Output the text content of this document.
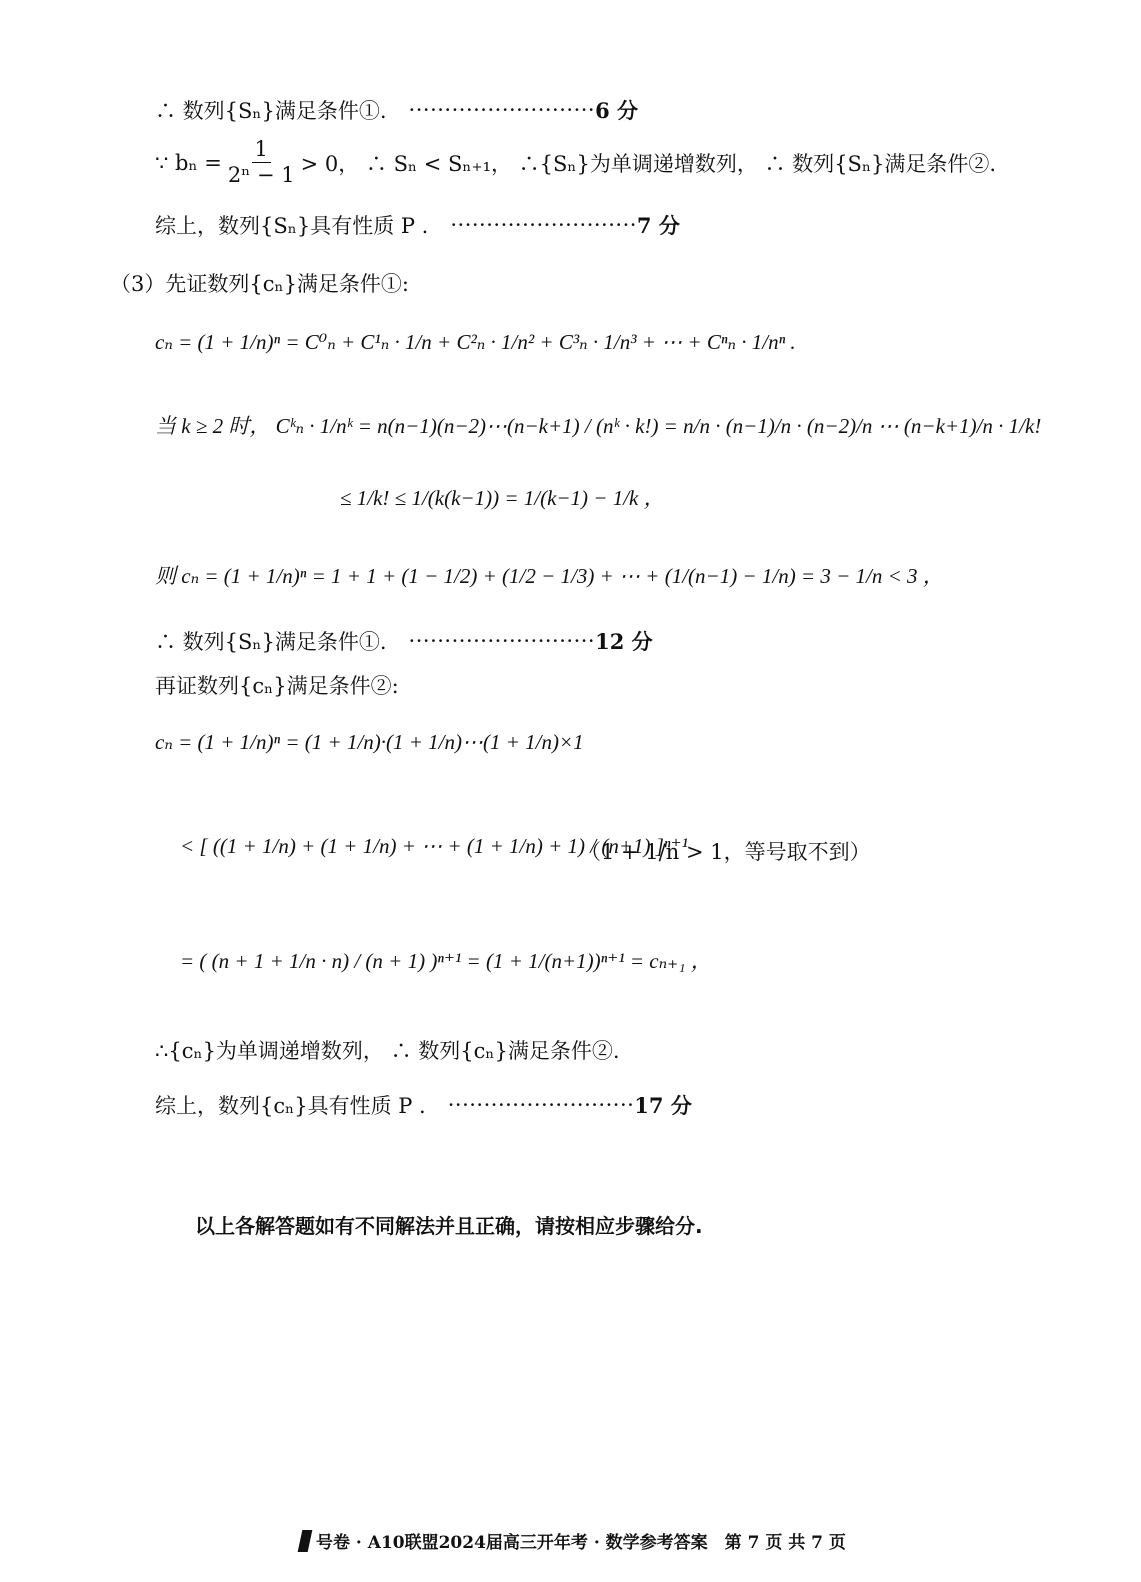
∴ 数列{Sₙ}满足条件①. ·························· 6 分
∵ $b_n = \frac{1}{\text{2ⁿ − 1}} > 0$， ∴ Sₙ < Sₙ₊₁， ∴{Sₙ}为单调递增数列， ∴ 数列{Sₙ}满足条件②.
综上，数列{Sₙ}具有性质 P . ·························· 7 分
（3）先证数列{cₙ}满足条件①:
cₙ = (1 + 1/n)ⁿ = C⁰ₙ + C¹ₙ · 1/n + C²ₙ · 1/n² + C³ₙ · 1/n³ + ⋯ + Cⁿₙ · 1/nⁿ .
当 k ≥ 2 时， Cᵏₙ · 1/nᵏ = n(n−1)(n−2)⋯(n−k+1) / (nᵏ · k!) = n/n · (n−1)/n · (n−2)/n ⋯ (n−k+1)/n · 1/k!
≤ 1/k! ≤ 1/(k(k−1)) = 1/(k−1) − 1/k ，
则 cₙ = (1 + 1/n)ⁿ = 1 + 1 + (1 − 1/2) + (1/2 − 1/3) + ⋯ + (1/(n−1) − 1/n) = 3 − 1/n < 3 ，
∴ 数列{Sₙ}满足条件①. ·························· 12 分
再证数列{cₙ}满足条件②:
cₙ = (1 + 1/n)ⁿ = (1 + 1/n)·(1 + 1/n)⋯(1 + 1/n)×1
< [ ((1 + 1/n) + (1 + 1/n) + ⋯ + (1 + 1/n) + 1) / (n+1) ]ⁿ⁺¹
（1 + 1/n > 1，等号取不到）
= ( (n + 1 + 1/n · n) / (n + 1) )ⁿ⁺¹ = (1 + 1/(n+1))ⁿ⁺¹ = cₙ₊₁ ，
∴{cₙ}为单调递增数列， ∴ 数列{cₙ}满足条件②.
综上，数列{cₙ}具有性质 P . ·························· 17 分
以上各解答题如有不同解法并且正确，请按相应步骤给分.
号卷 · A10联盟2024届高三开年考 · 数学参考答案　第 7 页 共 7 页
